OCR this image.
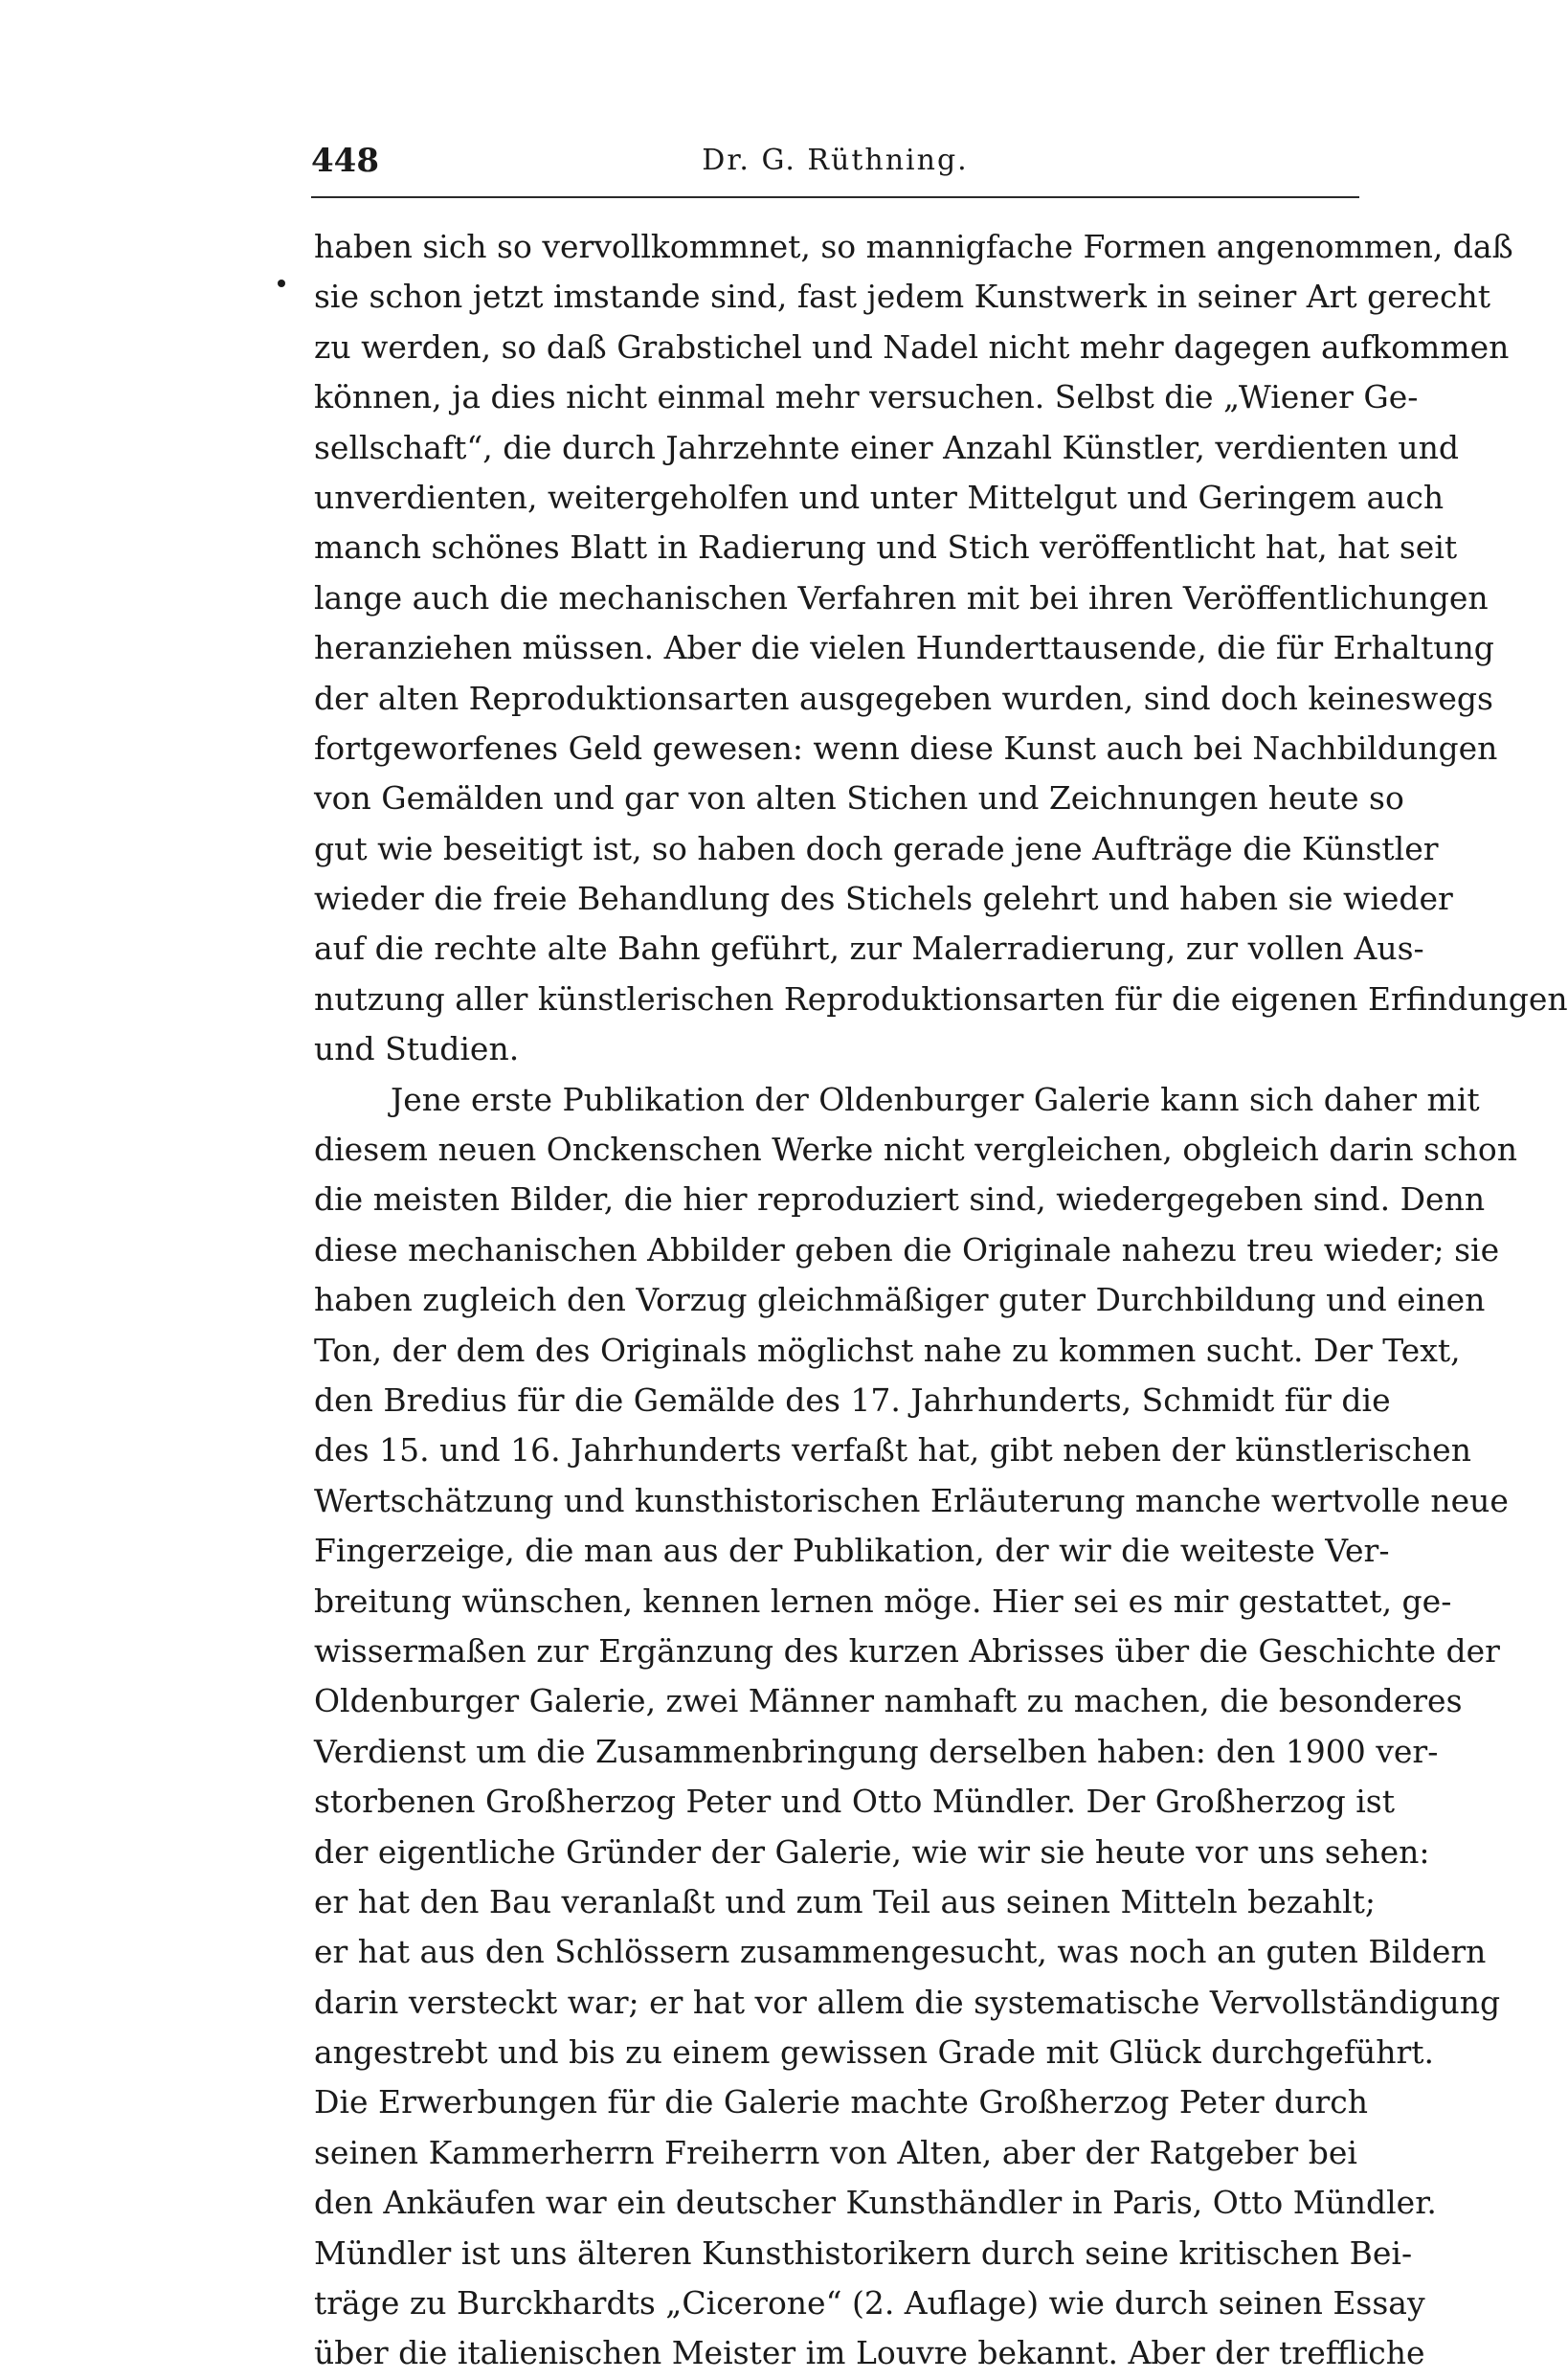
448	Dr. G. Rüthning.

haben sich so vervollkommnet, so mannigfache Formen angenommen, daß
sie schon jetzt imstande sind, fast jedem Kunstwerk in seiner Art gerecht
zu werden, so daß Grabstichel und Nadel nicht mehr dagegen aufkommen
können, ja dies nicht einmal mehr versuchen. Selbst die „Wiener Ge-
sellschaft“, die durch Jahrzehnte einer Anzahl Künstler, verdienten und
unverdienten, weitergeholfen und unter Mittelgut und Geringem auch
manch schönes Blatt in Radierung und Stich veröffentlicht hat, hat seit
lange auch die mechanischen Verfahren mit bei ihren Veröffentlichungen
heranziehen müssen. Aber die vielen Hunderttausende, die für Erhaltung
der alten Reproduktionsarten ausgegeben wurden, sind doch keineswegs
fortgeworfenes Geld gewesen: wenn diese Kunst auch bei Nachbildungen
von Gemälden und gar von alten Stichen und Zeichnungen heute so
gut wie beseitigt ist, so haben doch gerade jene Aufträge die Künstler
wieder die freie Behandlung des Stichels gelehrt und haben sie wieder
auf die rechte alte Bahn geführt, zur Malerradierung, zur vollen Aus-
nutzung aller künstlerischen Reproduktionsarten für die eigenen Erfindungen
und Studien.

Jene erste Publikation der Oldenburger Galerie kann sich daher mit
diesem neuen Onckenschen Werke nicht vergleichen, obgleich darin schon
die meisten Bilder, die hier reproduziert sind, wiedergegeben sind. Denn
diese mechanischen Abbilder geben die Originale nahezu treu wieder; sie
haben zugleich den Vorzug gleichmäßiger guter Durchbildung und einen
Ton, der dem des Originals möglichst nahe zu kommen sucht. Der Text,
den Bredius für die Gemälde des 17. Jahrhunderts, Schmidt für die
des 15. und 16. Jahrhunderts verfaßt hat, gibt neben der künstlerischen
Wertschätzung und kunsthistorischen Erläuterung manche wertvolle neue
Fingerzeige, die man aus der Publikation, der wir die weiteste Ver-
breitung wünschen, kennen lernen möge. Hier sei es mir gestattet, ge-
wissermaßen zur Ergänzung des kurzen Abrisses über die Geschichte der
Oldenburger Galerie, zwei Männer namhaft zu machen, die besonderes
Verdienst um die Zusammenbringung derselben haben: den 1900 ver-
storbenen Großherzog Peter und Otto Mündler. Der Großherzog ist
der eigentliche Gründer der Galerie, wie wir sie heute vor uns sehen:
er hat den Bau veranlaßt und zum Teil aus seinen Mitteln bezahlt;
er hat aus den Schlössern zusammengesucht, was noch an guten Bildern
darin versteckt war; er hat vor allem die systematische Vervollständigung
angestrebt und bis zu einem gewissen Grade mit Glück durchgeführt.
Die Erwerbungen für die Galerie machte Großherzog Peter durch
seinen Kammerherrn Freiherrn von Alten, aber der Ratgeber bei
den Ankäufen war ein deutscher Kunsthändler in Paris, Otto Mündler.
Mündler ist uns älteren Kunsthistorikern durch seine kritischen Bei-
träge zu Burckhardts „Cicerone“ (2. Auflage) wie durch seinen Essay
über die italienischen Meister im Louvre bekannt. Aber der treffliche
